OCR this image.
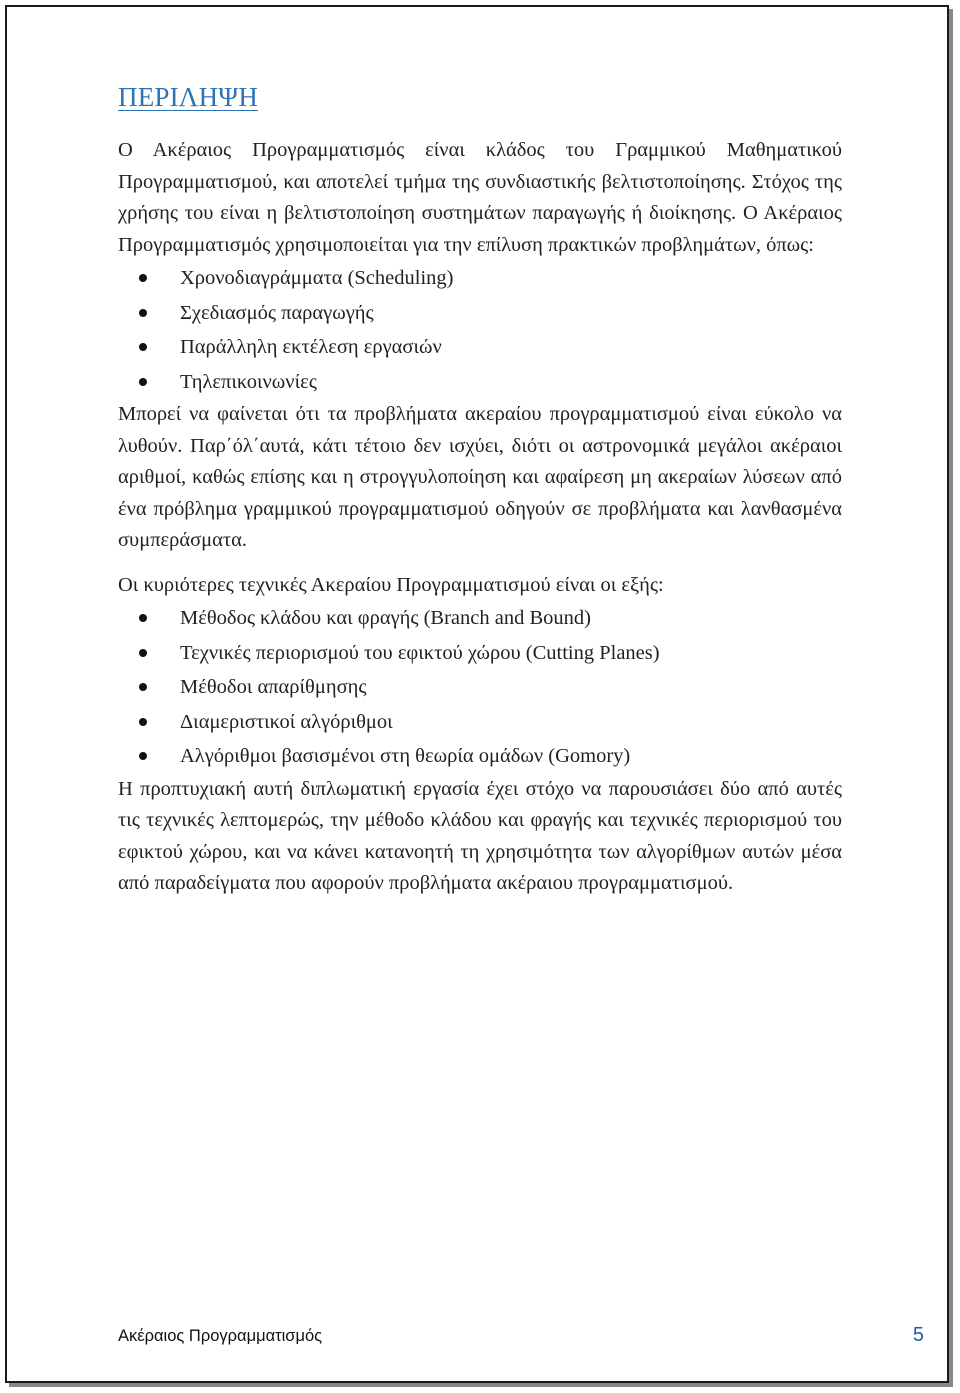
ΠΕΡΙΛΗΨΗ

Ο Ακέραιος Προγραμματισμός είναι κλάδος του Γραμμικού Μαθηματικού Προγραμματισμού, και αποτελεί τμήμα της συνδιαστικής βελτιστοποίησης. Στόχος της χρήσης του είναι η βελτιστοποίηση συστημάτων παραγωγής ή διοίκησης. Ο Ακέραιος Προγραμματισμός χρησιμοποιείται για την επίλυση πρακτικών προβλημάτων, όπως:

Χρονοδιαγράμματα (Scheduling)
Σχεδιασμός παραγωγής
Παράλληλη εκτέλεση εργασιών
Τηλεπικοινωνίες

Μπορεί να φαίνεται ότι τα προβλήματα ακεραίου προγραμματισμού είναι εύκολο να λυθούν. Παρ΄όλ΄αυτά, κάτι τέτοιο δεν ισχύει, διότι οι αστρονομικά μεγάλοι ακέραιοι αριθμοί, καθώς επίσης και η στρογγυλοποίηση και αφαίρεση μη ακεραίων λύσεων από ένα πρόβλημα γραμμικού προγραμματισμού οδηγούν σε προβλήματα και λανθασμένα συμπεράσματα.

Οι κυριότερες τεχνικές Ακεραίου Προγραμματισμού είναι οι εξής:

Μέθοδος κλάδου και φραγής (Branch and Bound)
Τεχνικές περιορισμού του εφικτού χώρου (Cutting Planes)
Μέθοδοι απαρίθμησης
Διαμεριστικοί αλγόριθμοι
Αλγόριθμοι βασισμένοι στη θεωρία ομάδων (Gomory)

Η προπτυχιακή αυτή διπλωματική εργασία έχει στόχο να παρουσιάσει δύο από αυτές τις τεχνικές λεπτομερώς, την μέθοδο κλάδου και φραγής και τεχνικές περιορισμού του εφικτού χώρου, και να κάνει κατανοητή τη χρησιμότητα των αλγορίθμων αυτών μέσα από παραδείγματα που αφορούν προβλήματα ακέραιου προγραμματισμού.

Ακέραιος Προγραμματισμός	5
